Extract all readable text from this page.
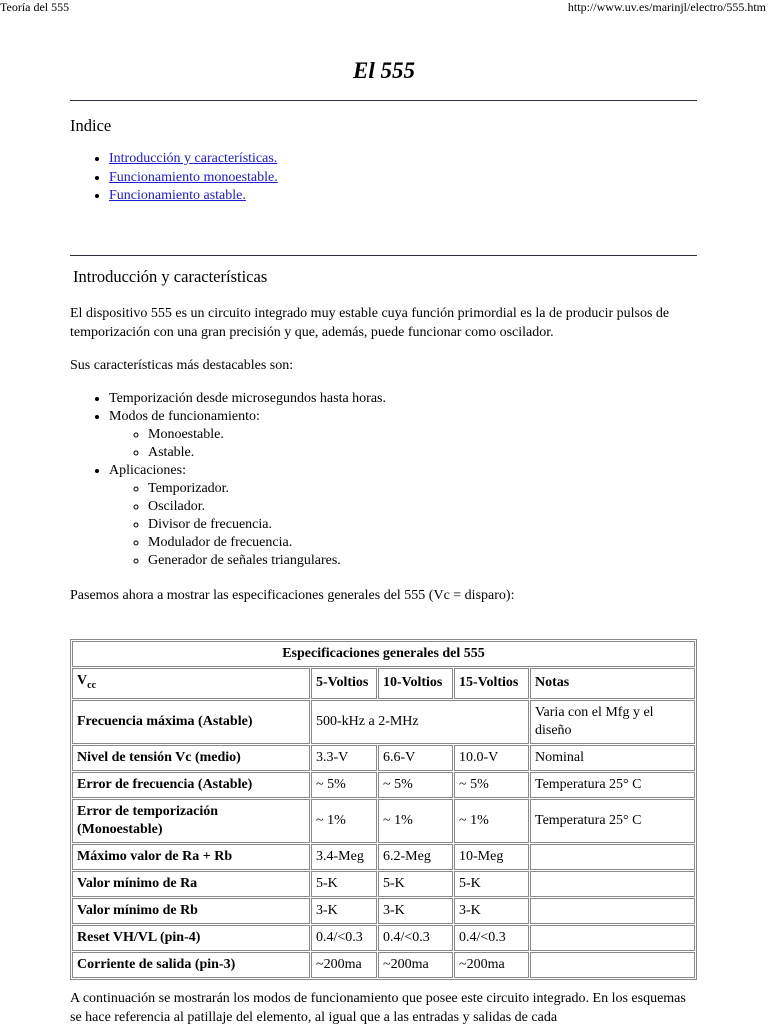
Teoría del 555	http://www.uv.es/marinjl/electro/555.htm
El 555
Indice
• Introducción y características.
• Funcionamiento monoestable.
• Funcionamiento astable.
Introducción y características

El dispositivo 555 es un circuito integrado muy estable cuya función primordial es la de producir pulsos de temporización con una gran precisión y que, además, puede funcionar como oscilador.

Sus características más destacables son:

• Temporización desde microsegundos hasta horas.
• Modos de funcionamiento:
◦ Monoestable.
◦ Astable.
• Aplicaciones:
◦ Temporizador.
◦ Oscilador.
◦ Divisor de frecuencia.
◦ Modulador de frecuencia.
◦ Generador de señales triangulares.

Pasemos ahora a mostrar las especificaciones generales del 555 (Vc = disparo):

Especificaciones generales del 555				
$V_{cc}$	5-Voltios	10-Voltios	15-Voltios	Notas
Frecuencia máxima (Astable)	500-kHz a 2-MHz			Varia con el Mfg y el diseño
Nivel de tensión Vc (medio)	3.3-V	6.6-V	10.0-V	Nominal
Error de frecuencia (Astable)	~ 5%	~ 5%	~ 5%	Temperatura 25° C
Error de temporización (Monoestable)	~ 1%	~ 1%	~ 1%	Temperatura 25° C
Máximo valor de Ra + Rb	3.4-Meg	6.2-Meg	10-Meg	
Valor mínimo de Ra	5-K	5-K	5-K	
Valor mínimo de Rb	3-K	3-K	3-K	
Reset VH/VL (pin-4)	0.4/<0.3	0.4/<0.3	0.4/<0.3	
Corriente de salida (pin-3)	~200ma	~200ma	~200ma	

A continuación se mostrarán los modos de funcionamiento que posee este circuito integrado. En los esquemas se hace referencia al patillaje del elemento, al igual que a las entradas y salidas de cada
